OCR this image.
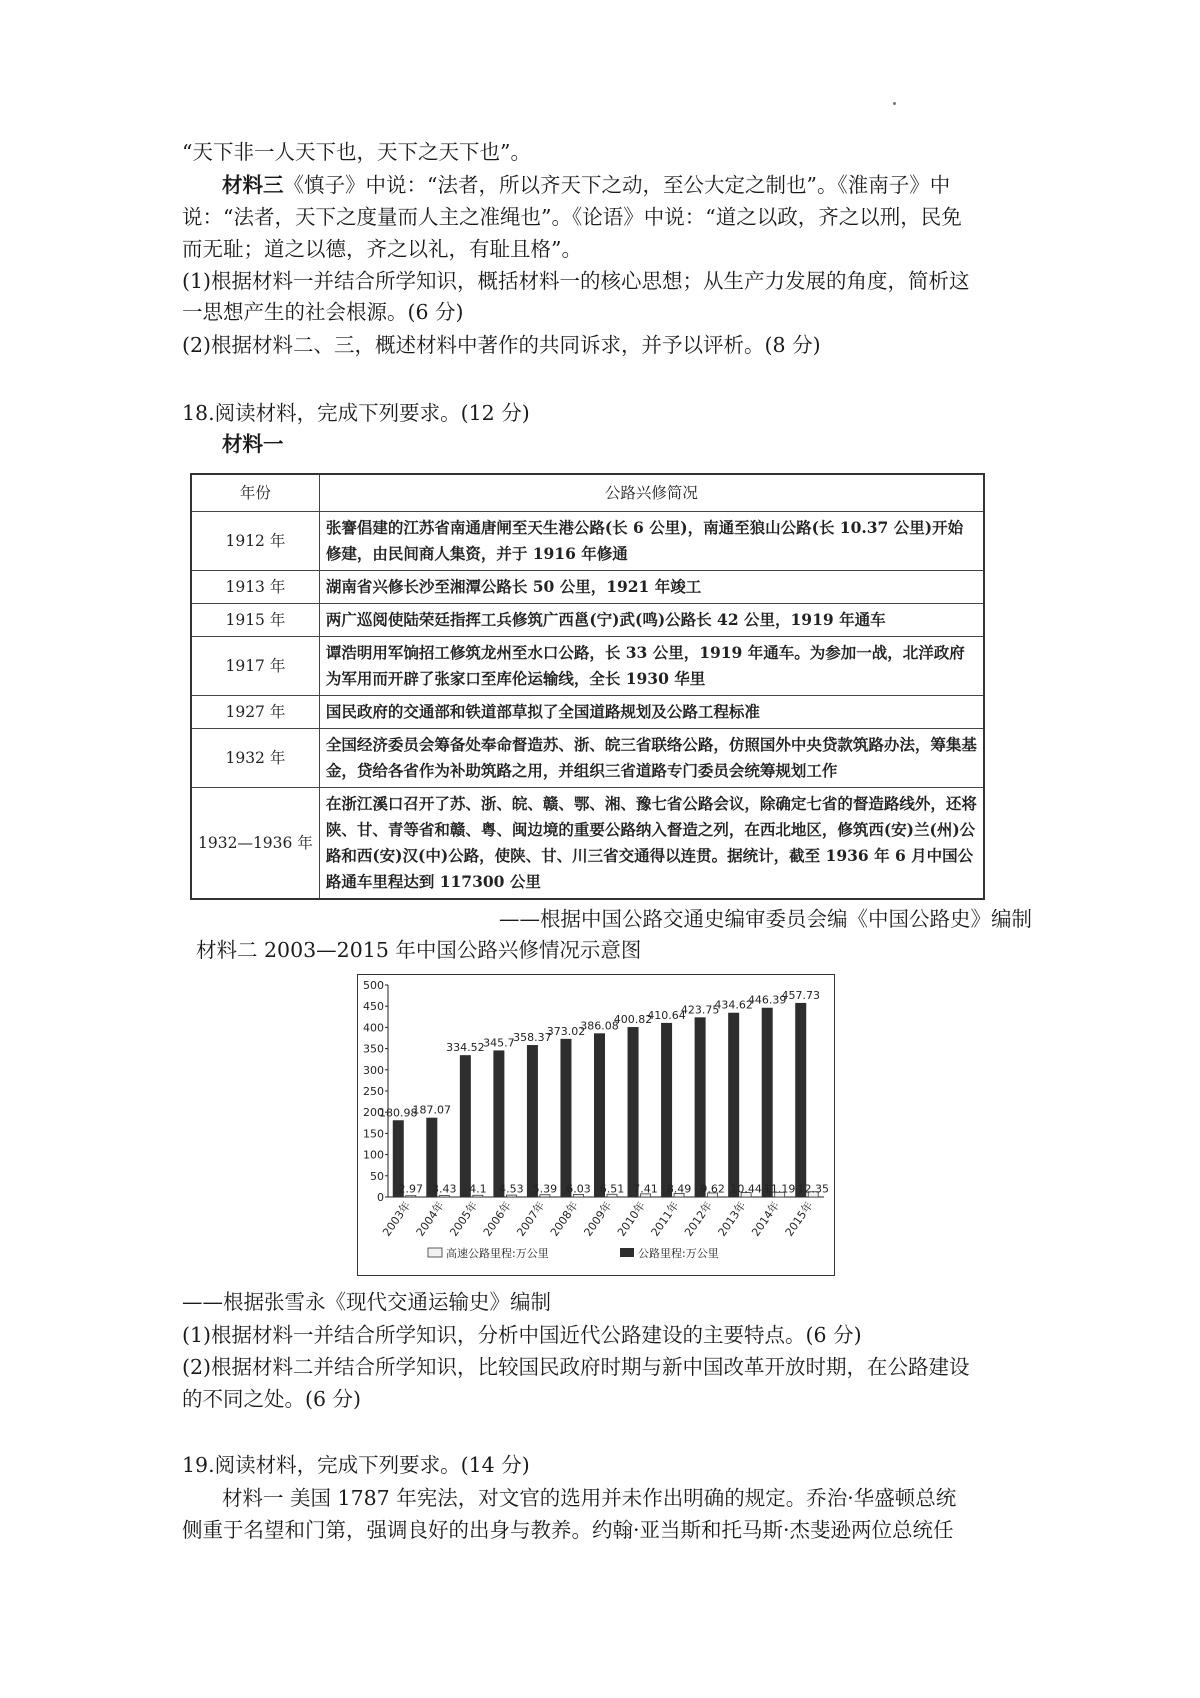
“天下非一人天下也，天下之天下也”。
材料三《慎子》中说：“法者，所以齐天下之动，至公大定之制也”。《淮南子》中
说：“法者，天下之度量而人主之准绳也”。《论语》中说：“道之以政，齐之以刑，民免
而无耻；道之以德，齐之以礼，有耻且格”。
(1)根据材料一并结合所学知识，概括材料一的核心思想；从生产力发展的角度，简析这
一思想产生的社会根源。(6 分)
(2)根据材料二、三，概述材料中著作的共同诉求，并予以评析。(8 分)
18.阅读材料，完成下列要求。(12 分)
材料一
年份	公路兴修简况
1912 年	张謇倡建的江苏省南通唐闸至天生港公路(长 6 公里)，南通至狼山公路(长 10.37 公里)开始修建，由民间商人集资，并于 1916 年修通
1913 年	湖南省兴修长沙至湘潭公路长 50 公里，1921 年竣工
1915 年	两广巡阅使陆荣廷指挥工兵修筑广西邕(宁)武(鸣)公路长 42 公里，1919 年通车
1917 年	谭浩明用军饷招工修筑龙州至水口公路，长 33 公里，1919 年通车。为参加一战，北洋政府为军用而开辟了张家口至库伦运输线，全长 1930 华里
1927 年	国民政府的交通部和铁道部草拟了全国道路规划及公路工程标准
1932 年	全国经济委员会筹备处奉命督造苏、浙、皖三省联络公路，仿照国外中央贷款筑路办法，筹集基金，贷给各省作为补助筑路之用，并组织三省道路专门委员会统筹规划工作
1932—1936 年	在浙江溪口召开了苏、浙、皖、赣、鄂、湘、豫七省公路会议，除确定七省的督造路线外，还将陕、甘、青等省和赣、粤、闽边境的重要公路纳入督造之列，在西北地区，修筑西(安)兰(州)公路和西(安)汉(中)公路，使陕、甘、川三省交通得以连贯。据统计，截至 1936 年 6 月中国公路通车里程达到 117300 公里
——根据中国公路交通史编审委员会编《中国公路史》编制
材料二 2003—2015 年中国公路兴修情况示意图
0
50
100
150
200
250
300
350
400
450
500
180.98
2.97
2003年
187.07
3.43
2004年
334.52
4.1
2005年
345.7
4.53
2006年
358.37
5.39
2007年
373.02
6.03
2008年
386.08
6.51
2009年
400.82
7.41
2010年
410.64
8.49
2011年
423.75
9.62
2012年
434.62
10.44
2013年
446.39
11.19
2014年
457.73
12.35
2015年
高速公路里程:万公里	公路里程:万公里
——根据张雪永《现代交通运输史》编制
(1)根据材料一并结合所学知识，分析中国近代公路建设的主要特点。(6 分)
(2)根据材料二并结合所学知识，比较国民政府时期与新中国改革开放时期，在公路建设
的不同之处。(6 分)
19.阅读材料，完成下列要求。(14 分)
材料一 美国 1787 年宪法，对文官的选用并未作出明确的规定。乔治·华盛顿总统
侧重于名望和门第，强调良好的出身与教养。约翰·亚当斯和托马斯·杰斐逊两位总统任
